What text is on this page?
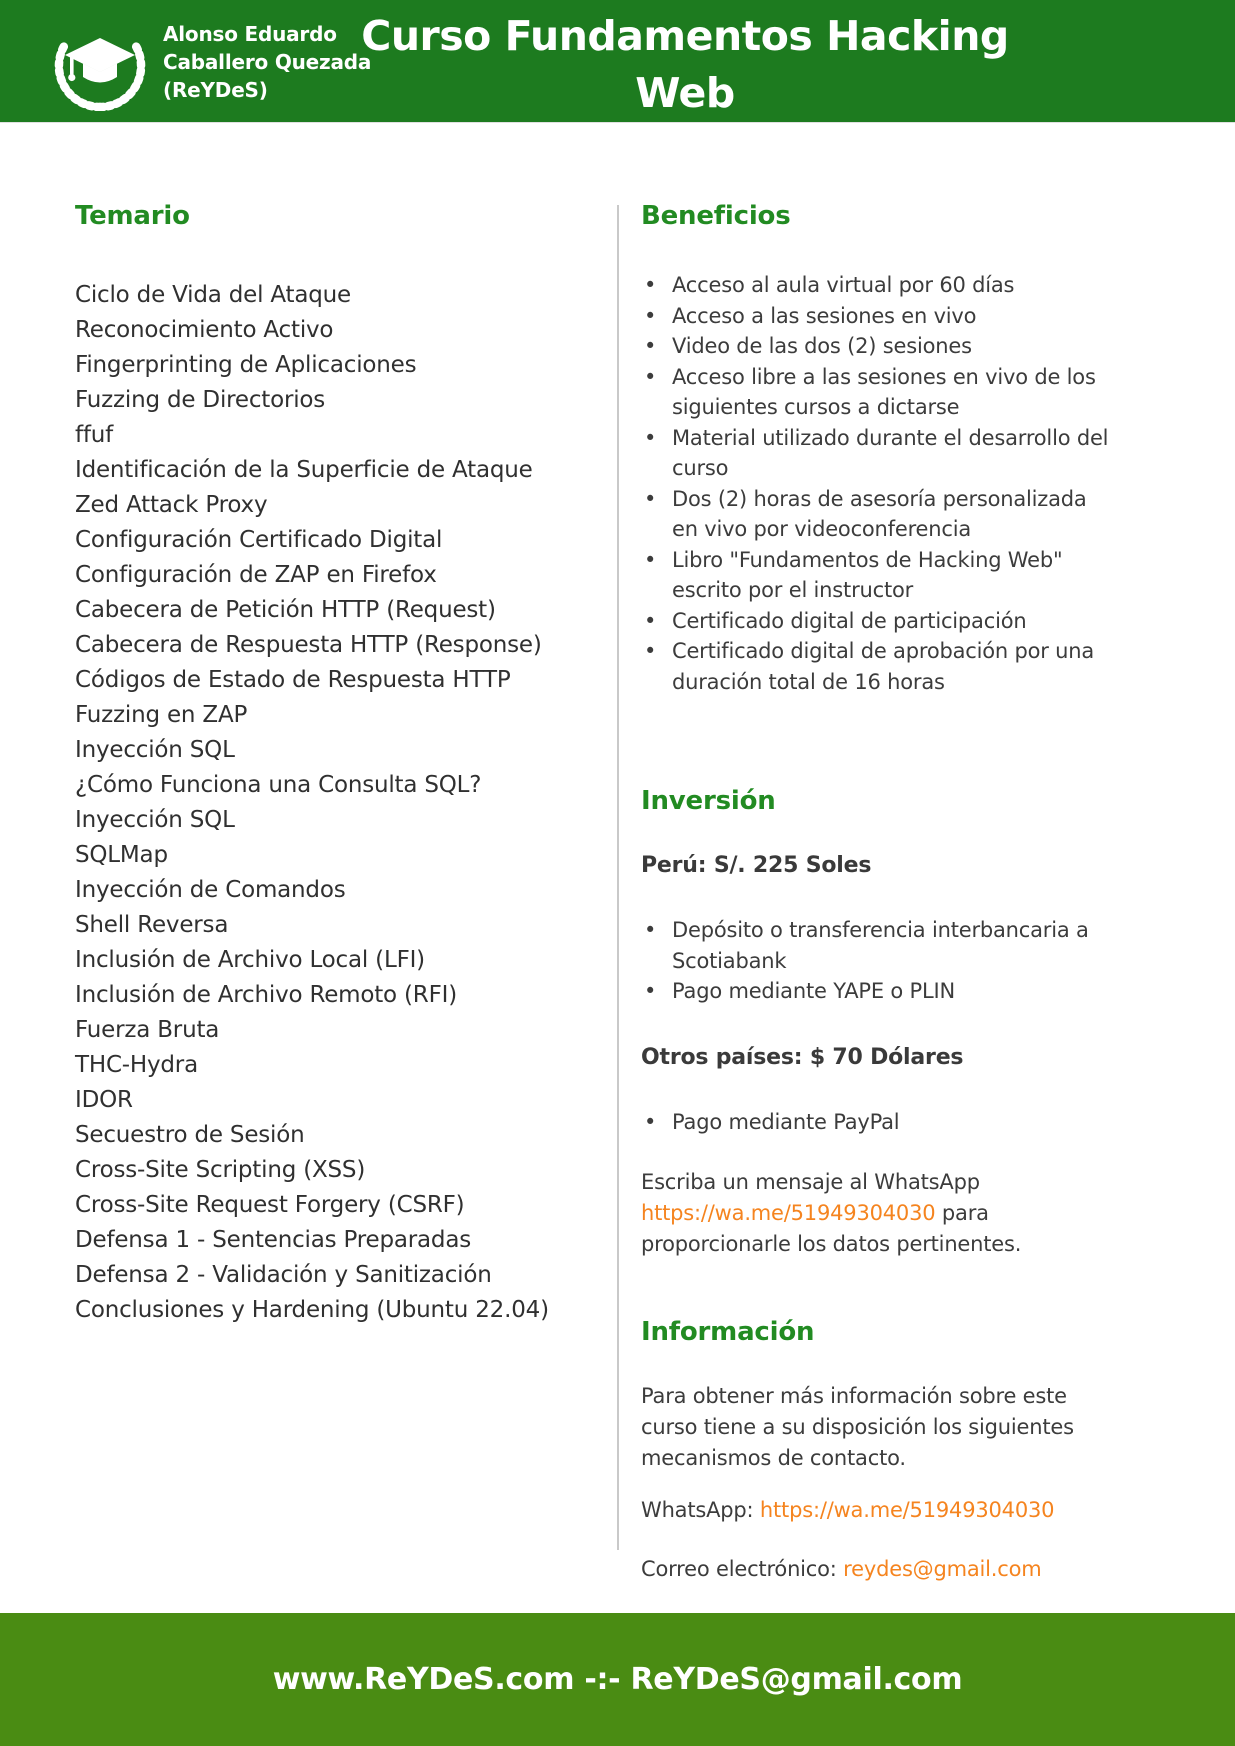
Alonso Eduardo
Caballero Quezada
(ReYDeS)
Curso Fundamentos Hacking Web
2026
Temario
Ciclo de Vida del Ataque
Reconocimiento Activo
Fingerprinting de Aplicaciones
Fuzzing de Directorios
ffuf
Identificación de la Superficie de Ataque
Zed Attack Proxy
Configuración Certificado Digital
Configuración de ZAP en Firefox
Cabecera de Petición HTTP (Request)
Cabecera de Respuesta HTTP (Response)
Códigos de Estado de Respuesta HTTP
Fuzzing en ZAP
Inyección SQL
¿Cómo Funciona una Consulta SQL?
Inyección SQL
SQLMap
Inyección de Comandos
Shell Reversa
Inclusión de Archivo Local (LFI)
Inclusión de Archivo Remoto (RFI)
Fuerza Bruta
THC-Hydra
IDOR
Secuestro de Sesión
Cross-Site Scripting (XSS)
Cross-Site Request Forgery (CSRF)
Defensa 1 - Sentencias Preparadas
Defensa 2 - Validación y Sanitización
Conclusiones y Hardening (Ubuntu 22.04)
Beneficios
• Acceso al aula virtual por 60 días
• Acceso a las sesiones en vivo
• Video de las dos (2) sesiones
• Acceso libre a las sesiones en vivo de los siguientes cursos a dictarse
• Material utilizado durante el desarrollo del curso
• Dos (2) horas de asesoría personalizada en vivo por videoconferencia
• Libro "Fundamentos de Hacking Web" escrito por el instructor
• Certificado digital de participación
• Certificado digital de aprobación por una duración total de 16 horas
Inversión

Perú: S/. 225 Soles

• Depósito o transferencia interbancaria a Scotiabank
• Pago mediante YAPE o PLIN

Otros países: $ 70 Dólares

• Pago mediante PayPal

Escriba un mensaje al WhatsApp https://wa.me/51949304030 para proporcionarle los datos pertinentes.

Información

Para obtener más información sobre este curso tiene a su disposición los siguientes mecanismos de contacto.

WhatsApp: https://wa.me/51949304030

Correo electrónico: reydes@gmail.com

www.ReYDeS.com -:- ReYDeS@gmail.com
